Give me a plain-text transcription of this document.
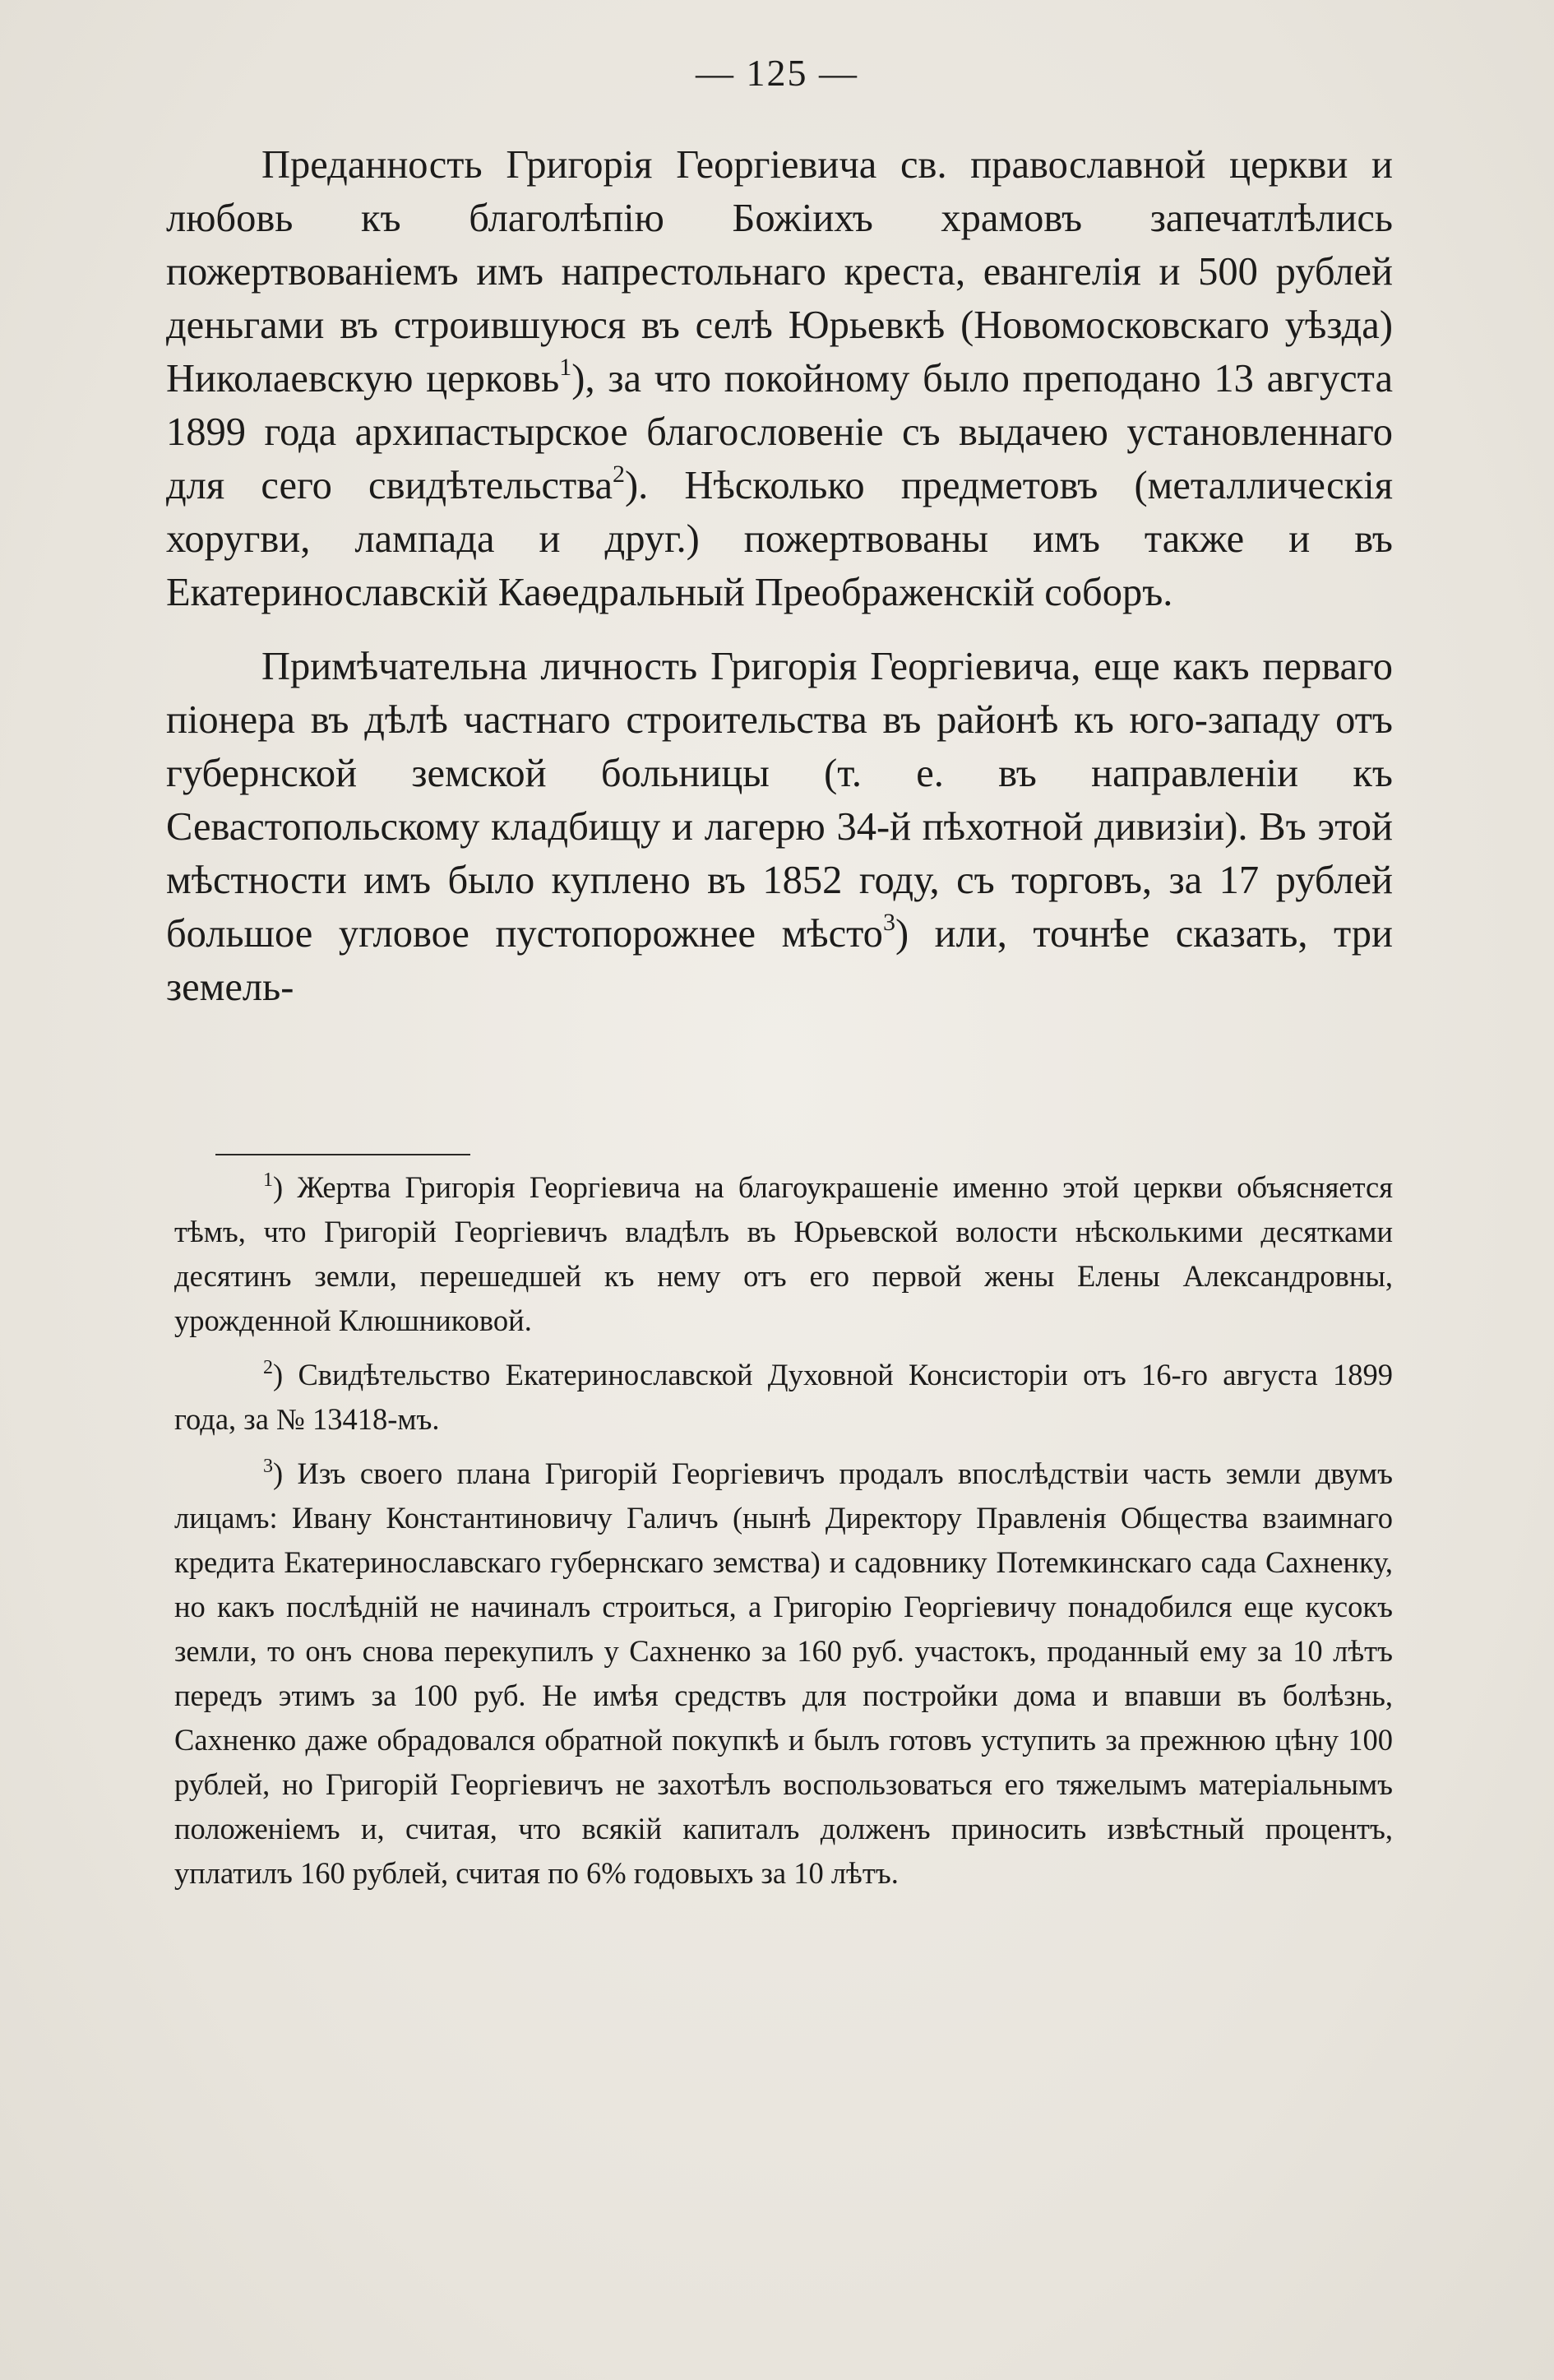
— 125 —

Преданность Григорія Георгіевича св. православной церкви и любовь къ благолѣпію Божіихъ храмовъ запечатлѣлись пожертвованіемъ имъ напрестольнаго креста, евангелія и 500 рублей деньгами въ строившуюся въ селѣ Юрьевкѣ (Новомосковскаго уѣзда) Николаевскую церковь$^1$), за что покойному было преподано 13 августа 1899 года архипастырское благословеніе съ выдачею установленнаго для сего свидѣтельства$^2$). Нѣсколько предметовъ (металлическія хоругви, лампада и друг.) пожертвованы имъ также и въ Екатеринославскій Каѳедральный Преображенскій соборъ.

Примѣчательна личность Григорія Георгіевича, еще какъ перваго піонера въ дѣлѣ частнаго строительства въ районѣ къ юго-западу отъ губернской земской больницы (т. е. въ направленіи къ Севастопольскому кладбищу и лагерю 34-й пѣхотной дивизіи). Въ этой мѣстности имъ было куплено въ 1852 году, съ торговъ, за 17 рублей большое угловое пустопорожнее мѣсто$^3$) или, точнѣе сказать, три земель-

$^1$) Жертва Григорія Георгіевича на благоукрашеніе именно этой церкви объясняется тѣмъ, что Григорій Георгіевичъ владѣлъ въ Юрьевской волости нѣсколькими десятками десятинъ земли, перешедшей къ нему отъ его первой жены Елены Александровны, урожденной Клюшниковой.

$^2$) Свидѣтельство Екатеринославской Духовной Консисторіи отъ 16-го августа 1899 года, за № 13418-мъ.

$^3$) Изъ своего плана Григорій Георгіевичъ продалъ впослѣдствіи часть земли двумъ лицамъ: Ивану Константиновичу Галичъ (нынѣ Директору Правленія Общества взаимнаго кредита Екатеринославскаго губернскаго земства) и садовнику Потемкинскаго сада Сахненку, но какъ послѣдній не начиналъ строиться, а Григорію Георгіевичу понадобился еще кусокъ земли, то онъ снова перекупилъ у Сахненко за 160 руб. участокъ, проданный ему за 10 лѣтъ передъ этимъ за 100 руб. Не имѣя средствъ для постройки дома и впавши въ болѣзнь, Сахненко даже обрадовался обратной покупкѣ и былъ готовъ уступить за прежнюю цѣну 100 рублей, но Григорій Георгіевичъ не захотѣлъ воспользоваться его тяжелымъ матеріальнымъ положеніемъ и, считая, что всякій капиталъ долженъ приносить извѣстный процентъ, уплатилъ 160 рублей, считая по 6% годовыхъ за 10 лѣтъ.
